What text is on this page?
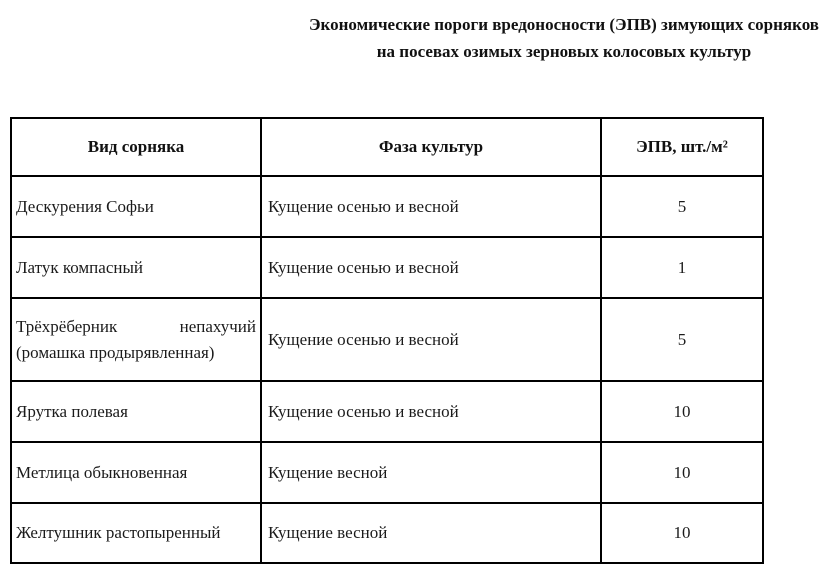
Экономические пороги вредоносности (ЭПВ) зимующих сорняков
на посевах озимых зерновых колосовых культур
Вид сорняка	Фаза культур	ЭПВ, шт./м²
Дескурения Софьи	Кущение осенью и весной	5
Латук компасный	Кущение осенью и весной	1

Трёхрёберник непахучий
(ромашка продырявленная)	Кущение осенью и весной	5
Ярутка полевая	Кущение осенью и весной	10
Метлица обыкновенная	Кущение весной	10
Желтушник растопыренный	Кущение весной	10
